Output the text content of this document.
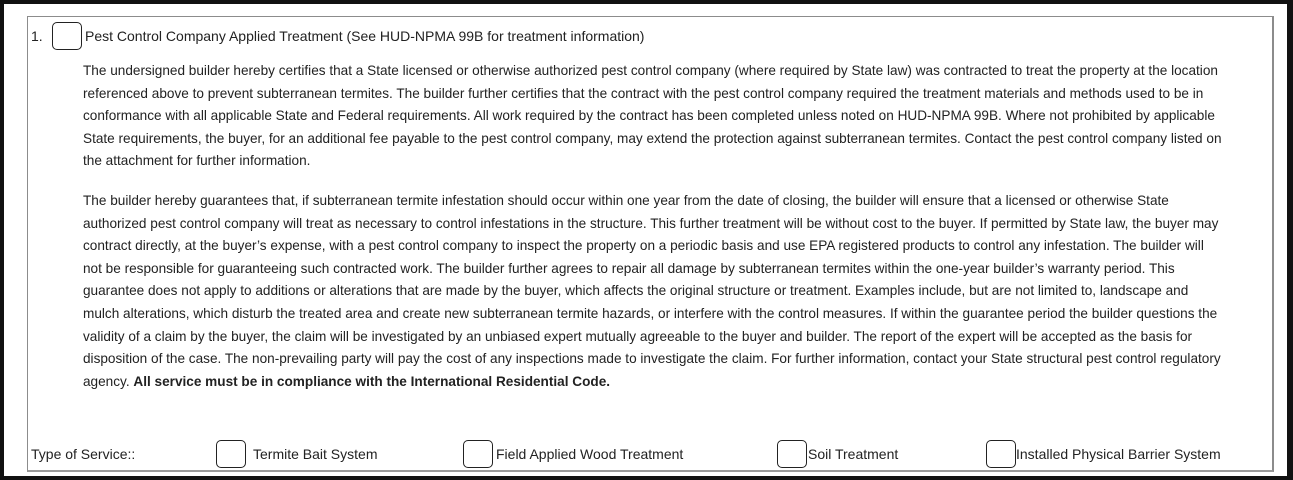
1.	Pest Control Company Applied Treatment (See HUD-NPMA 99B for treatment information)

The undersigned builder hereby certifies that a State licensed or otherwise authorized pest control company (where required by State law) was contracted to treat the property at the location referenced above to prevent subterranean termites. The builder further certifies that the contract with the pest control company required the treatment materials and methods used to be in conformance with all applicable State and Federal requirements. All work required by the contract has been completed unless noted on HUD-NPMA 99B. Where not prohibited by applicable State requirements, the buyer, for an additional fee payable to the pest control company, may extend the protection against subterranean termites. Contact the pest control company listed on the attachment for further information.

The builder hereby guarantees that, if subterranean termite infestation should occur within one year from the date of closing, the builder will ensure that a licensed or otherwise State authorized pest control company will treat as necessary to control infestations in the structure. This further treatment will be without cost to the buyer. If permitted by State law, the buyer may contract directly, at the buyer’s expense, with a pest control company to inspect the property on a periodic basis and use EPA registered products to control any infestation. The builder will not be responsible for guaranteeing such contracted work. The builder further agrees to repair all damage by subterranean termites within the one-year builder’s warranty period. This guarantee does not apply to additions or alterations that are made by the buyer, which affects the original structure or treatment. Examples include, but are not limited to, landscape and mulch alterations, which disturb the treated area and create new subterranean termite hazards, or interfere with the control measures. If within the guarantee period the builder questions the validity of a claim by the buyer, the claim will be investigated by an unbiased expert mutually agreeable to the buyer and builder. The report of the expert will be accepted as the basis for disposition of the case. The non-prevailing party will pay the cost of any inspections made to investigate the claim. For further information, contact your State structural pest control regulatory agency. All service must be in compliance with the International Residential Code.

Type of Service::	Termite Bait System	Field Applied Wood Treatment	Soil Treatment	Installed Physical Barrier System
